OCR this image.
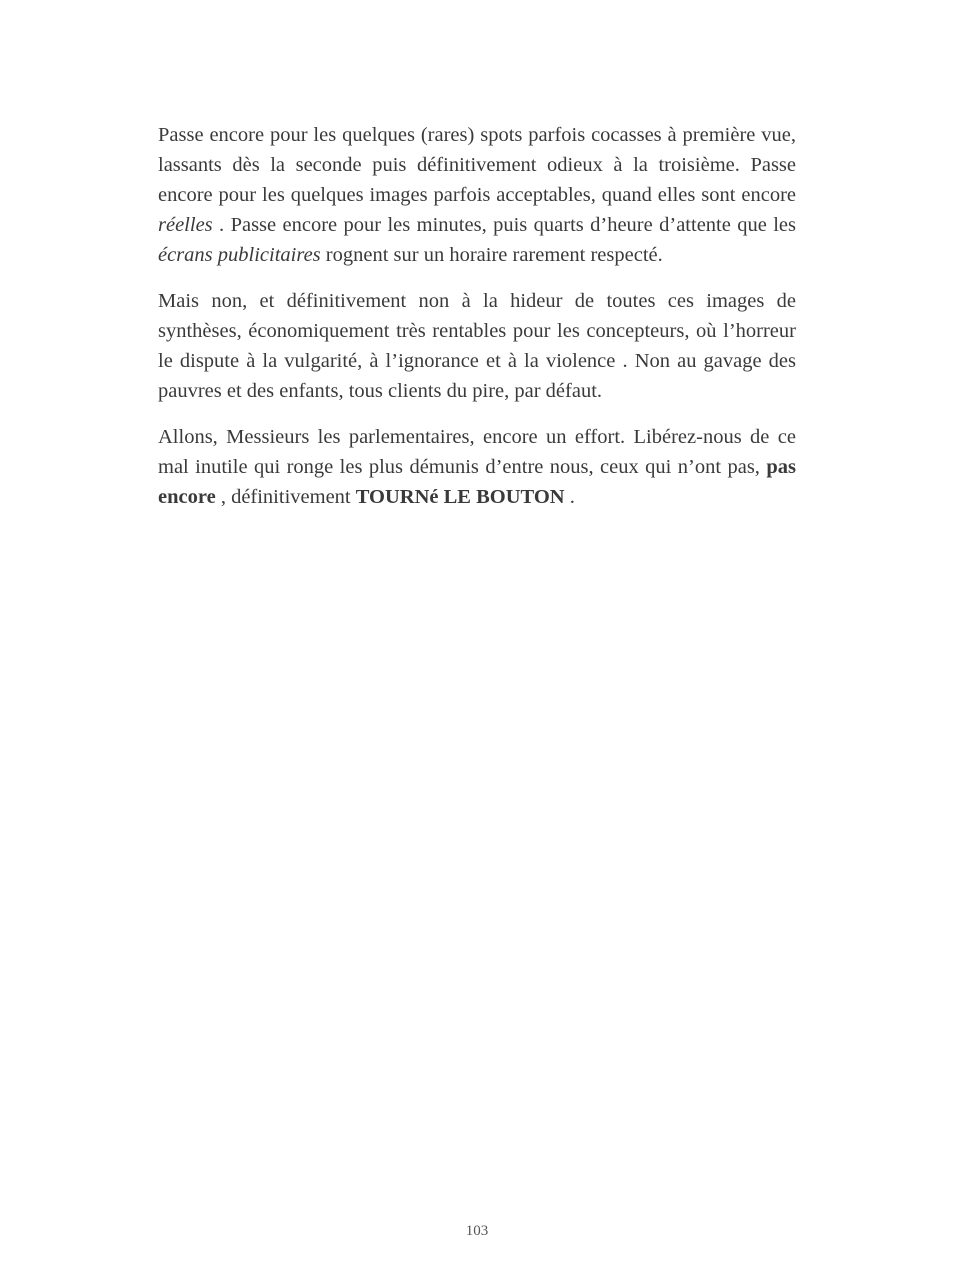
Passe encore pour les quelques (rares) spots parfois cocasses à première vue, lassants dès la seconde puis définitivement odieux à la troisième. Passe encore pour les quelques images parfois acceptables, quand elles sont encore réelles . Passe encore pour les minutes, puis quarts d’heure d’attente que les écrans publicitaires rognent sur un horaire rarement respecté.

Mais non, et définitivement non à la hideur de toutes ces images de synthèses, économiquement très rentables pour les concepteurs, où l’horreur le dispute à la vulgarité, à l’ignorance et à la violence . Non au gavage des pauvres et des enfants, tous clients du pire, par défaut.

Allons, Messieurs les parlementaires, encore un effort. Libérez-nous de ce mal inutile qui ronge les plus démunis d’entre nous, ceux qui n’ont pas, pas encore , définitivement TOURNé LE BOUTON .

103
